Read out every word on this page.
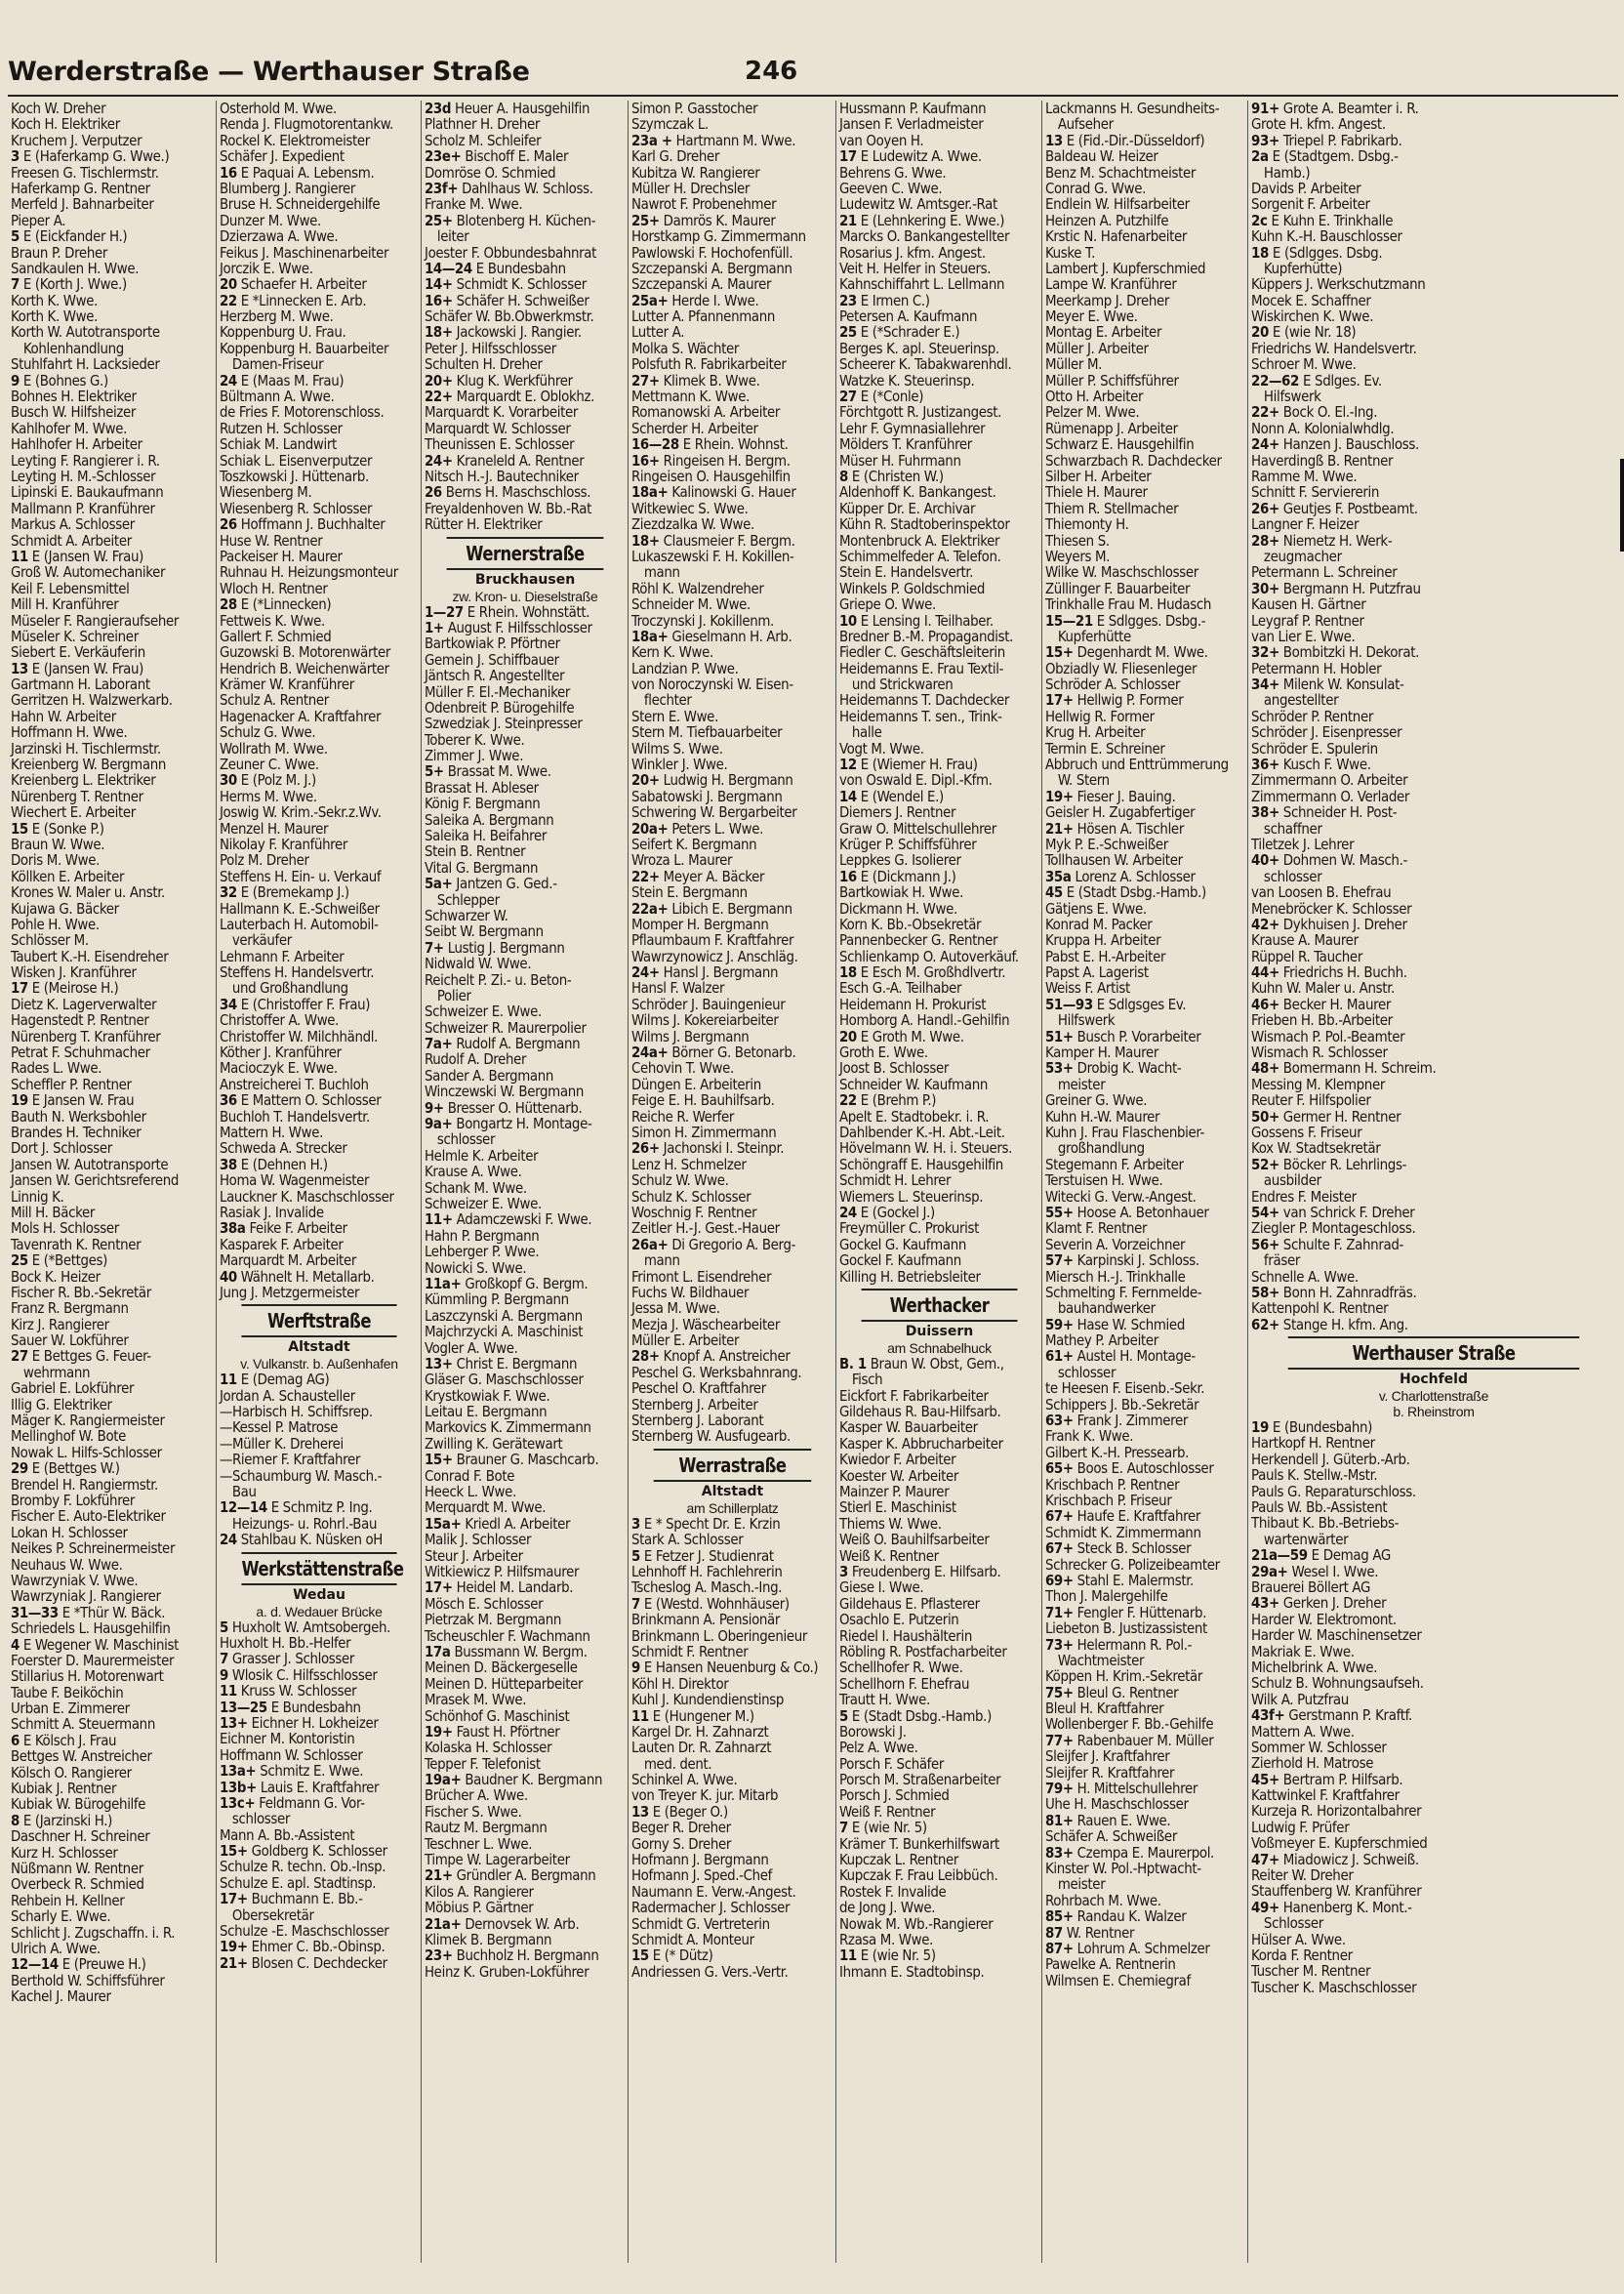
Werderstraße — Werthauser Straße	246
Koch W. Dreher
Koch H. Elektriker
Kruchem J. Verputzer
3 E (Haferkamp G. Wwe.)
Freesen G. Tischlermstr.
Haferkamp G. Rentner
Merfeld J. Bahnarbeiter
Pieper A.
5 E (Eickfander H.)
Braun P. Dreher
Sandkaulen H. Wwe.
7 E (Korth J. Wwe.)
Korth K. Wwe.
Korth K. Wwe.
Korth W. Autotransporte
Kohlenhandlung
Stuhlfahrt H. Lacksieder
9 E (Bohnes G.)
Bohnes H. Elektriker
Busch W. Hilfsheizer
Kahlhofer M. Wwe.
Hahlhofer H. Arbeiter
Leyting F. Rangierer i. R.
Leyting H. M.-Schlosser
Lipinski E. Baukaufmann
Mallmann P. Kranführer
Markus A. Schlosser
Schmidt A. Arbeiter
11 E (Jansen W. Frau)
Groß W. Automechaniker
Keil F. Lebensmittel
Mill H. Kranführer
Müseler F. Rangieraufseher
Müseler K. Schreiner
Siebert E. Verkäuferin
13 E (Jansen W. Frau)
Gartmann H. Laborant
Gerritzen H. Walzwerkarb.
Hahn W. Arbeiter
Hoffmann H. Wwe.
Jarzinski H. Tischlermstr.
Kreienberg W. Bergmann
Kreienberg L. Elektriker
Nürenberg T. Rentner
Wiechert E. Arbeiter
15 E (Sonke P.)
Braun W. Wwe.
Doris M. Wwe.
Köllken E. Arbeiter
Krones W. Maler u. Anstr.
Kujawa G. Bäcker
Pohle H. Wwe.
Schlösser M.
Taubert K.-H. Eisendreher
Wisken J. Kranführer
17 E (Meirose H.)
Dietz K. Lagerverwalter
Hagenstedt P. Rentner
Nürenberg T. Kranführer
Petrat F. Schuhmacher
Rades L. Wwe.
Scheffler P. Rentner
19 E Jansen W. Frau
Bauth N. Werksbohler
Brandes H. Techniker
Dort J. Schlosser
Jansen W. Autotransporte
Jansen W. Gerichtsreferend
Linnig K.
Mill H. Bäcker
Mols H. Schlosser
Tavenrath K. Rentner
25 E (*Bettges)
Bock K. Heizer
Fischer R. Bb.-Sekretär
Franz R. Bergmann
Kirz J. Rangierer
Sauer W. Lokführer
27 E Bettges G. Feuer-
wehrmann
Gabriel E. Lokführer
Illig G. Elektriker
Mäger K. Rangiermeister
Mellinghof W. Bote
Nowak L. Hilfs-Schlosser
29 E (Bettges W.)
Brendel H. Rangiermstr.
Bromby F. Lokführer
Fischer E. Auto-Elektriker
Lokan H. Schlosser
Neikes P. Schreinermeister
Neuhaus W. Wwe.
Wawrzyniak V. Wwe.
Wawrzyniak J. Rangierer
31—33 E *Thür W. Bäck.
Schriedels L. Hausgehilfin
4 E Wegener W. Maschinist
Foerster D. Maurermeister
Stillarius H. Motorenwart
Taube F. Beiköchin
Urban E. Zimmerer
Schmitt A. Steuermann
6 E Kölsch J. Frau
Bettges W. Anstreicher
Kölsch O. Rangierer
Kubiak J. Rentner
Kubiak W. Bürogehilfe
8 E (Jarzinski H.)
Daschner H. Schreiner
Kurz H. Schlosser
Nüßmann W. Rentner
Overbeck R. Schmied
Rehbein H. Kellner
Scharly E. Wwe.
Schlicht J. Zugschaffn. i. R.
Ulrich A. Wwe.
12—14 E (Preuwe H.)
Berthold W. Schiffsführer
Kachel J. Maurer
Osterhold M. Wwe.
Renda J. Flugmotorentankw.
Rockel K. Elektromeister
Schäfer J. Expedient
16 E Paquai A. Lebensm.
Blumberg J. Rangierer
Bruse H. Schneidergehilfe
Dunzer M. Wwe.
Dzierzawa A. Wwe.
Feikus J. Maschinenarbeiter
Jorczik E. Wwe.
20 Schaefer H. Arbeiter
22 E *Linnecken E. Arb.
Herzberg M. Wwe.
Koppenburg U. Frau.
Koppenburg H. Bauarbeiter
Damen-Friseur
24 E (Maas M. Frau)
Bültmann A. Wwe.
de Fries F. Motorenschloss.
Rutzen H. Schlosser
Schiak M. Landwirt
Schiak L. Eisenverputzer
Toszkowski J. Hüttenarb.
Wiesenberg M.
Wiesenberg R. Schlosser
26 Hoffmann J. Buchhalter
Huse W. Rentner
Packeiser H. Maurer
Ruhnau H. Heizungsmonteur
Wloch H. Rentner
28 E (*Linnecken)
Fettweis K. Wwe.
Gallert F. Schmied
Guzowski B. Motorenwärter
Hendrich B. Weichenwärter
Krämer W. Kranführer
Schulz A. Rentner
Hagenacker A. Kraftfahrer
Schulz G. Wwe.
Wollrath M. Wwe.
Zeuner C. Wwe.
30 E (Polz M. J.)
Herms M. Wwe.
Joswig W. Krim.-Sekr.z.Wv.
Menzel H. Maurer
Nikolay F. Kranführer
Polz M. Dreher
Steffens H. Ein- u. Verkauf
32 E (Bremekamp J.)
Hallmann K. E.-Schweißer
Lauterbach H. Automobil-
verkäufer
Lehmann F. Arbeiter
Steffens H. Handelsvertr.
und Großhandlung
34 E (Christoffer F. Frau)
Christoffer A. Wwe.
Christoffer W. Milchhändl.
Köther J. Kranführer
Macioczyk E. Wwe.
Anstreicherei T. Buchloh
36 E Mattern O. Schlosser
Buchloh T. Handelsvertr.
Mattern H. Wwe.
Schweda A. Strecker
38 E (Dehnen H.)
Homa W. Wagenmeister
Lauckner K. Maschschlosser
Rasiak J. Invalide
38a Feike F. Arbeiter
Kasparek F. Arbeiter
Marquardt M. Arbeiter
40 Wähnelt H. Metallarb.
Jung J. Metzgermeister
Werftstraße
Altstadt
v. Vulkanstr. b. Außenhafen
11 E (Demag AG)
Jordan A. Schausteller
—Harbisch H. Schiffsrep.
—Kessel P. Matrose
—Müller K. Dreherei
—Riemer F. Kraftfahrer
—Schaumburg W. Masch.-
Bau
12—14 E Schmitz P. Ing.
Heizungs- u. Rohrl.-Bau
24 Stahlbau K. Nüsken oH
Werkstättenstraße
Wedau
a. d. Wedauer Brücke
5 Huxholt W. Amtsobergeh.
Huxholt H. Bb.-Helfer
7 Grasser J. Schlosser
9 Wlosik C. Hilfsschlosser
11 Kruss W. Schlosser
13—25 E Bundesbahn
13+ Eichner H. Lokheizer
Eichner M. Kontoristin
Hoffmann W. Schlosser
13a+ Schmitz E. Wwe.
13b+ Lauis E. Kraftfahrer
13c+ Feldmann G. Vor-
schlosser
Mann A. Bb.-Assistent
15+ Goldberg K. Schlosser
Schulze R. techn. Ob.-Insp.
Schulze E. apl. Stadtinsp.
17+ Buchmann E. Bb.-
Obersekretär
Schulze -E. Maschschlosser
19+ Ehmer C. Bb.-Obinsp.
21+ Blosen C. Dechdecker
23d Heuer A. Hausgehilfin
Plathner H. Dreher
Scholz M. Schleifer
23e+ Bischoff E. Maler
Domröse O. Schmied
23f+ Dahlhaus W. Schloss.
Franke M. Wwe.
25+ Blotenberg H. Küchen-
leiter
Joester F. Obbundesbahnrat
14—24 E Bundesbahn
14+ Schmidt K. Schlosser
16+ Schäfer H. Schweißer
Schäfer W. Bb.Obwerkmstr.
18+ Jackowski J. Rangier.
Peter J. Hilfsschlosser
Schulten H. Dreher
20+ Klug K. Werkführer
22+ Marquardt E. Oblokhz.
Marquardt K. Vorarbeiter
Marquardt W. Schlosser
Theunissen E. Schlosser
24+ Kraneleld A. Rentner
Nitsch H.-J. Bautechniker
26 Berns H. Maschschloss.
Freyaldenhoven W. Bb.-Rat
Rütter H. Elektriker
Wernerstraße
Bruckhausen
zw. Kron- u. Dieselstraße
1—27 E Rhein. Wohnstätt.
1+ August F. Hilfsschlosser
Bartkowiak P. Pförtner
Gemein J. Schiffbauer
Jäntsch R. Angestellter
Müller F. El.-Mechaniker
Odenbreit P. Bürogehilfe
Szwedziak J. Steinpresser
Toberer K. Wwe.
Zimmer J. Wwe.
5+ Brassat M. Wwe.
Brassat H. Ableser
König F. Bergmann
Saleika A. Bergmann
Saleika H. Beifahrer
Stein B. Rentner
Vital G. Bergmann
5a+ Jantzen G. Ged.-
Schlepper
Schwarzer W.
Seibt W. Bergmann
7+ Lustig J. Bergmann
Nidwald W. Wwe.
Reichelt P. Zi.- u. Beton-
Polier
Schweizer E. Wwe.
Schweizer R. Maurerpolier
7a+ Rudolf A. Bergmann
Rudolf A. Dreher
Sander A. Bergmann
Winczewski W. Bergmann
9+ Bresser O. Hüttenarb.
9a+ Bongartz H. Montage-
schlosser
Helmle K. Arbeiter
Krause A. Wwe.
Schank M. Wwe.
Schweizer E. Wwe.
11+ Adamczewski F. Wwe.
Hahn P. Bergmann
Lehberger P. Wwe.
Nowicki S. Wwe.
11a+ Großkopf G. Bergm.
Kümmling P. Bergmann
Laszczynski A. Bergmann
Majchrzycki A. Maschinist
Vogler A. Wwe.
13+ Christ E. Bergmann
Gläser G. Maschschlosser
Krystkowiak F. Wwe.
Leitau E. Bergmann
Markovics K. Zimmermann
Zwilling K. Gerätewart
15+ Brauner G. Maschcarb.
Conrad F. Bote
Heeck L. Wwe.
Merquardt M. Wwe.
15a+ Kriedl A. Arbeiter
Malik J. Schlosser
Steur J. Arbeiter
Witkiewicz P. Hilfsmaurer
17+ Heidel M. Landarb.
Mösch E. Schlosser
Pietrzak M. Bergmann
Tscheuschler F. Wachmann
17a Bussmann W. Bergm.
Meinen D. Bäckergeselle
Meinen D. Hütteparbeiter
Mrasek M. Wwe.
Schönhof G. Maschinist
19+ Faust H. Pförtner
Kolaska H. Schlosser
Tepper F. Telefonist
19a+ Baudner K. Bergmann
Brücher A. Wwe.
Fischer S. Wwe.
Rautz M. Bergmann
Teschner L. Wwe.
Timpe W. Lagerarbeiter
21+ Gründler A. Bergmann
Kilos A. Rangierer
Möbius P. Gärtner
21a+ Dernovsek W. Arb.
Klimek B. Bergmann
23+ Buchholz H. Bergmann
Heinz K. Gruben-Lokführer
Simon P. Gasstocher
Szymczak L.
23a + Hartmann M. Wwe.
Karl G. Dreher
Kubitza W. Rangierer
Müller H. Drechsler
Nawrot F. Probenehmer
25+ Damrös K. Maurer
Horstkamp G. Zimmermann
Pawlowski F. Hochofenfüll.
Szczepanski A. Bergmann
Szczepanski A. Maurer
25a+ Herde I. Wwe.
Lutter A. Pfannenmann
Lutter A.
Molka S. Wächter
Polsfuth R. Fabrikarbeiter
27+ Klimek B. Wwe.
Mettmann K. Wwe.
Romanowski A. Arbeiter
Scherder H. Arbeiter
16—28 E Rhein. Wohnst.
16+ Ringeisen H. Bergm.
Ringeisen O. Hausgehilfin
18a+ Kalinowski G. Hauer
Witkewiec S. Wwe.
Ziezdzalka W. Wwe.
18+ Clausmeier F. Bergm.
Lukaszewski F. H. Kokillen-
mann
Röhl K. Walzendreher
Schneider M. Wwe.
Troczynski J. Kokillenm.
18a+ Gieselmann H. Arb.
Kern K. Wwe.
Landzian P. Wwe.
von Noroczynski W. Eisen-
flechter
Stern E. Wwe.
Stern M. Tiefbauarbeiter
Wilms S. Wwe.
Winkler J. Wwe.
20+ Ludwig H. Bergmann
Sabatowski J. Bergmann
Schwering W. Bergarbeiter
20a+ Peters L. Wwe.
Seifert K. Bergmann
Wroza L. Maurer
22+ Meyer A. Bäcker
Stein E. Bergmann
22a+ Libich E. Bergmann
Momper H. Bergmann
Pflaumbaum F. Kraftfahrer
Wawrzynowicz J. Anschläg.
24+ Hansl J. Bergmann
Hansl F. Walzer
Schröder J. Bauingenieur
Wilms J. Kokereiarbeiter
Wilms J. Bergmann
24a+ Börner G. Betonarb.
Cehovin T. Wwe.
Düngen E. Arbeiterin
Feige E. H. Bauhilfsarb.
Reiche R. Werfer
Simon H. Zimmermann
26+ Jachonski I. Steinpr.
Lenz H. Schmelzer
Schulz W. Wwe.
Schulz K. Schlosser
Woschnig F. Rentner
Zeitler H.-J. Gest.-Hauer
26a+ Di Gregorio A. Berg-
mann
Frimont L. Eisendreher
Fuchs W. Bildhauer
Jessa M. Wwe.
Mezja J. Wäschearbeiter
Müller E. Arbeiter
28+ Knopf A. Anstreicher
Peschel G. Werksbahnrang.
Peschel O. Kraftfahrer
Sternberg J. Arbeiter
Sternberg J. Laborant
Sternberg W. Ausfugearb.
Werrastraße
Altstadt
am Schillerplatz
3 E * Specht Dr. E. Krzin
Stark A. Schlosser
5 E Fetzer J. Studienrat
Lehnhoff H. Fachlehrerin
Tscheslog A. Masch.-Ing.
7 E (Westd. Wohnhäuser)
Brinkmann A. Pensionär
Brinkmann L. Oberingenieur
Schmidt F. Rentner
9 E Hansen Neuenburg & Co.)
Köhl H. Direktor
Kuhl J. Kundendienstinsp
11 E (Hungener M.)
Kargel Dr. H. Zahnarzt
Lauten Dr. R. Zahnarzt
med. dent.
Schinkel A. Wwe.
von Treyer K. jur. Mitarb
13 E (Beger O.)
Beger R. Dreher
Gorny S. Dreher
Hofmann J. Bergmann
Hofmann J. Sped.-Chef
Naumann E. Verw.-Angest.
Radermacher J. Schlosser
Schmidt G. Vertreterin
Schmidt A. Monteur
15 E (* Dütz)
Andriessen G. Vers.-Vertr.
Hussmann P. Kaufmann
Jansen F. Verladmeister
van Ooyen H.
17 E Ludewitz A. Wwe.
Behrens G. Wwe.
Geeven C. Wwe.
Ludewitz W. Amtsger.-Rat
21 E (Lehnkering E. Wwe.)
Marcks O. Bankangestellter
Rosarius J. kfm. Angest.
Veit H. Helfer in Steuers.
Kahnschiffahrt L. Lellmann
23 E Irmen C.)
Petersen A. Kaufmann
25 E (*Schrader E.)
Berges K. apl. Steuerinsp.
Scheerer K. Tabakwarenhdl.
Watzke K. Steuerinsp.
27 E (*Conle)
Förchtgott R. Justizangest.
Lehr F. Gymnasiallehrer
Mölders T. Kranführer
Müser H. Fuhrmann
8 E (Christen W.)
Aldenhoff K. Bankangest.
Küpper Dr. E. Archivar
Kühn R. Stadtoberinspektor
Montenbruck A. Elektriker
Schimmelfeder A. Telefon.
Stein E. Handelsvertr.
Winkels P. Goldschmied
Griepe O. Wwe.
10 E Lensing I. Teilhaber.
Bredner B.-M. Propagandist.
Fiedler C. Geschäftsleiterin
Heidemanns E. Frau Textil-
und Strickwaren
Heidemanns T. Dachdecker
Heidemanns T. sen., Trink-
halle
Vogt M. Wwe.
12 E (Wiemer H. Frau)
von Oswald E. Dipl.-Kfm.
14 E (Wendel E.)
Diemers J. Rentner
Graw O. Mittelschullehrer
Krüger P. Schiffsführer
Leppkes G. Isolierer
16 E (Dickmann J.)
Bartkowiak H. Wwe.
Dickmann H. Wwe.
Korn K. Bb.-Obsekretär
Pannenbecker G. Rentner
Schlienkamp O. Autoverkäuf.
18 E Esch M. Großhdlvertr.
Esch G.-A. Teilhaber
Heidemann H. Prokurist
Homborg A. Handl.-Gehilfin
20 E Groth M. Wwe.
Groth E. Wwe.
Joost B. Schlosser
Schneider W. Kaufmann
22 E (Brehm P.)
Apelt E. Stadtobekr. i. R.
Dahlbender K.-H. Abt.-Leit.
Hövelmann W. H. i. Steuers.
Schöngraff E. Hausgehilfin
Schmidt H. Lehrer
Wiemers L. Steuerinsp.
24 E (Gockel J.)
Freymüller C. Prokurist
Gockel G. Kaufmann
Gockel F. Kaufmann
Killing H. Betriebsleiter
Werthacker
Duissern
am Schnabelhuck
B. 1 Braun W. Obst, Gem.,
Fisch
Eickfort F. Fabrikarbeiter
Gildehaus R. Bau-Hilfsarb.
Kasper W. Bauarbeiter
Kasper K. Abbrucharbeiter
Kwiedor F. Arbeiter
Koester W. Arbeiter
Mainzer P. Maurer
Stierl E. Maschinist
Thiems W. Wwe.
Weiß O. Bauhilfsarbeiter
Weiß K. Rentner
3 Freudenberg E. Hilfsarb.
Giese I. Wwe.
Gildehaus E. Pflasterer
Osachlo E. Putzerin
Riedel I. Haushälterin
Röbling R. Postfacharbeiter
Schellhofer R. Wwe.
Schellhorn F. Ehefrau
Trautt H. Wwe.
5 E (Stadt Dsbg.-Hamb.)
Borowski J.
Pelz A. Wwe.
Porsch F. Schäfer
Porsch M. Straßenarbeiter
Porsch J. Schmied
Weiß F. Rentner
7 E (wie Nr. 5)
Krämer T. Bunkerhilfswart
Kupczak L. Rentner
Kupczak F. Frau Leibbüch.
Rostek F. Invalide
de Jong J. Wwe.
Nowak M. Wb.-Rangierer
Rzasa M. Wwe.
11 E (wie Nr. 5)
Ihmann E. Stadtobinsp.
Lackmanns H. Gesundheits-
Aufseher
13 E (Fid.-Dir.-Düsseldorf)
Baldeau W. Heizer
Benz M. Schachtmeister
Conrad G. Wwe.
Endlein W. Hilfsarbeiter
Heinzen A. Putzhilfe
Krstic N. Hafenarbeiter
Kuske T.
Lambert J. Kupferschmied
Lampe W. Kranführer
Meerkamp J. Dreher
Meyer E. Wwe.
Montag E. Arbeiter
Müller J. Arbeiter
Müller M.
Müller P. Schiffsführer
Otto H. Arbeiter
Pelzer M. Wwe.
Rümenapp J. Arbeiter
Schwarz E. Hausgehilfin
Schwarzbach R. Dachdecker
Silber H. Arbeiter
Thiele H. Maurer
Thiem R. Stellmacher
Thiemonty H.
Thiesen S.
Weyers M.
Wilke W. Maschschlosser
Züllinger F. Bauarbeiter
Trinkhalle Frau M. Hudasch
15—21 E Sdlgges. Dsbg.-
Kupferhütte
15+ Degenhardt M. Wwe.
Obziadly W. Fliesenleger
Schröder A. Schlosser
17+ Hellwig P. Former
Hellwig R. Former
Krug H. Arbeiter
Termin E. Schreiner
Abbruch und Enttrümmerung
W. Stern
19+ Fieser J. Bauing.
Geisler H. Zugabfertiger
21+ Hösen A. Tischler
Myk P. E.-Schweißer
Tollhausen W. Arbeiter
35a Lorenz A. Schlosser
45 E (Stadt Dsbg.-Hamb.)
Gätjens E. Wwe.
Konrad M. Packer
Kruppa H. Arbeiter
Pabst E. H.-Arbeiter
Papst A. Lagerist
Weiss F. Artist
51—93 E Sdlgsges Ev.
Hilfswerk
51+ Busch P. Vorarbeiter
Kamper H. Maurer
53+ Drobig K. Wacht-
meister
Greiner G. Wwe.
Kuhn H.-W. Maurer
Kuhn J. Frau Flaschenbier-
großhandlung
Stegemann F. Arbeiter
Terstuisen H. Wwe.
Witecki G. Verw.-Angest.
55+ Hoose A. Betonhauer
Klamt F. Rentner
Severin A. Vorzeichner
57+ Karpinski J. Schloss.
Miersch H.-J. Trinkhalle
Schmelting F. Fernmelde-
bauhandwerker
59+ Hase W. Schmied
Mathey P. Arbeiter
61+ Austel H. Montage-
schlosser
te Heesen F. Eisenb.-Sekr.
Schippers J. Bb.-Sekretär
63+ Frank J. Zimmerer
Frank K. Wwe.
Gilbert K.-H. Pressearb.
65+ Boos E. Autoschlosser
Krischbach P. Rentner
Krischbach P. Friseur
67+ Haufe E. Kraftfahrer
Schmidt K. Zimmermann
67+ Steck B. Schlosser
Schrecker G. Polizeibeamter
69+ Stahl E. Malermstr.
Thon J. Malergehilfe
71+ Fengler F. Hüttenarb.
Liebeton B. Justizassistent
73+ Helermann R. Pol.-
Wachtmeister
Köppen H. Krim.-Sekretär
75+ Bleul G. Rentner
Bleul H. Kraftfahrer
Wollenberger F. Bb.-Gehilfe
77+ Rabenbauer M. Müller
Sleijfer J. Kraftfahrer
Sleijfer R. Kraftfahrer
79+ H. Mittelschullehrer
Uhe H. Maschschlosser
81+ Rauen E. Wwe.
Schäfer A. Schweißer
83+ Czempa E. Maurerpol.
Kinster W. Pol.-Hptwacht-
meister
Rohrbach M. Wwe.
85+ Randau K. Walzer
87 W. Rentner
87+ Lohrum A. Schmelzer
Pawelke A. Rentnerin
Wilmsen E. Chemiegraf
91+ Grote A. Beamter i. R.
Grote H. kfm. Angest.
93+ Triepel P. Fabrikarb.
2a E (Stadtgem. Dsbg.-
Hamb.)
Davids P. Arbeiter
Sorgenit F. Arbeiter
2c E Kuhn E. Trinkhalle
Kuhn K.-H. Bauschlosser
18 E (Sdlgges. Dsbg.
Kupferhütte)
Küppers J. Werkschutzmann
Mocek E. Schaffner
Wiskirchen K. Wwe.
20 E (wie Nr. 18)
Friedrichs W. Handelsvertr.
Schroer M. Wwe.
22—62 E Sdlges. Ev.
Hilfswerk
22+ Bock O. El.-Ing.
Nonn A. Kolonialwhdlg.
24+ Hanzen J. Bauschloss.
Haverdingß B. Rentner
Ramme M. Wwe.
Schnitt F. Serviererin
26+ Geutjes F. Postbeamt.
Langner F. Heizer
28+ Niemetz H. Werk-
zeugmacher
Petermann L. Schreiner
30+ Bergmann H. Putzfrau
Kausen H. Gärtner
Leygraf P. Rentner
van Lier E. Wwe.
32+ Bombitzki H. Dekorat.
Petermann H. Hobler
34+ Milenk W. Konsulat-
angestellter
Schröder P. Rentner
Schröder J. Eisenpresser
Schröder E. Spulerin
36+ Kusch F. Wwe.
Zimmermann O. Arbeiter
Zimmermann O. Verlader
38+ Schneider H. Post-
schaffner
Tiletzek J. Lehrer
40+ Dohmen W. Masch.-
schlosser
van Loosen B. Ehefrau
Menebröcker K. Schlosser
42+ Dykhuisen J. Dreher
Krause A. Maurer
Rüppel R. Taucher
44+ Friedrichs H. Buchh.
Kuhn W. Maler u. Anstr.
46+ Becker H. Maurer
Frieben H. Bb.-Arbeiter
Wismach P. Pol.-Beamter
Wismach R. Schlosser
48+ Bomermann H. Schreim.
Messing M. Klempner
Reuter F. Hilfspolier
50+ Germer H. Rentner
Gossens F. Friseur
Kox W. Stadtsekretär
52+ Böcker R. Lehrlings-
ausbilder
Endres F. Meister
54+ van Schrick F. Dreher
Ziegler P. Montageschloss.
56+ Schulte F. Zahnrad-
fräser
Schnelle A. Wwe.
58+ Bonn H. Zahnradfräs.
Kattenpohl K. Rentner
62+ Stange H. kfm. Ang.
Werthauser Straße
Hochfeld
v. Charlottenstraße
b. Rheinstrom
19 E (Bundesbahn)
Hartkopf H. Rentner
Herkendell J. Güterb.-Arb.
Pauls K. Stellw.-Mstr.
Pauls G. Reparaturschloss.
Pauls W. Bb.-Assistent
Thibaut K. Bb.-Betriebs-
wartenwärter
21a—59 E Demag AG
29a+ Wesel I. Wwe.
Brauerei Böllert AG
43+ Gerken J. Dreher
Harder W. Elektromont.
Harder W. Maschinensetzer
Makriak E. Wwe.
Michelbrink A. Wwe.
Schulz B. Wohnungsaufseh.
Wilk A. Putzfrau
43f+ Gerstmann P. Kraftf.
Mattern A. Wwe.
Sommer W. Schlosser
Zierhold H. Matrose
45+ Bertram P. Hilfsarb.
Kattwinkel F. Kraftfahrer
Kurzeja R. Horizontalbahrer
Ludwig F. Prüfer
Voßmeyer E. Kupferschmied
47+ Miadowicz J. Schweiß.
Reiter W. Dreher
Stauffenberg W. Kranführer
49+ Hanenberg K. Mont.-
Schlosser
Hülser A. Wwe.
Korda F. Rentner
Tuscher M. Rentner
Tuscher K. Maschschlosser
